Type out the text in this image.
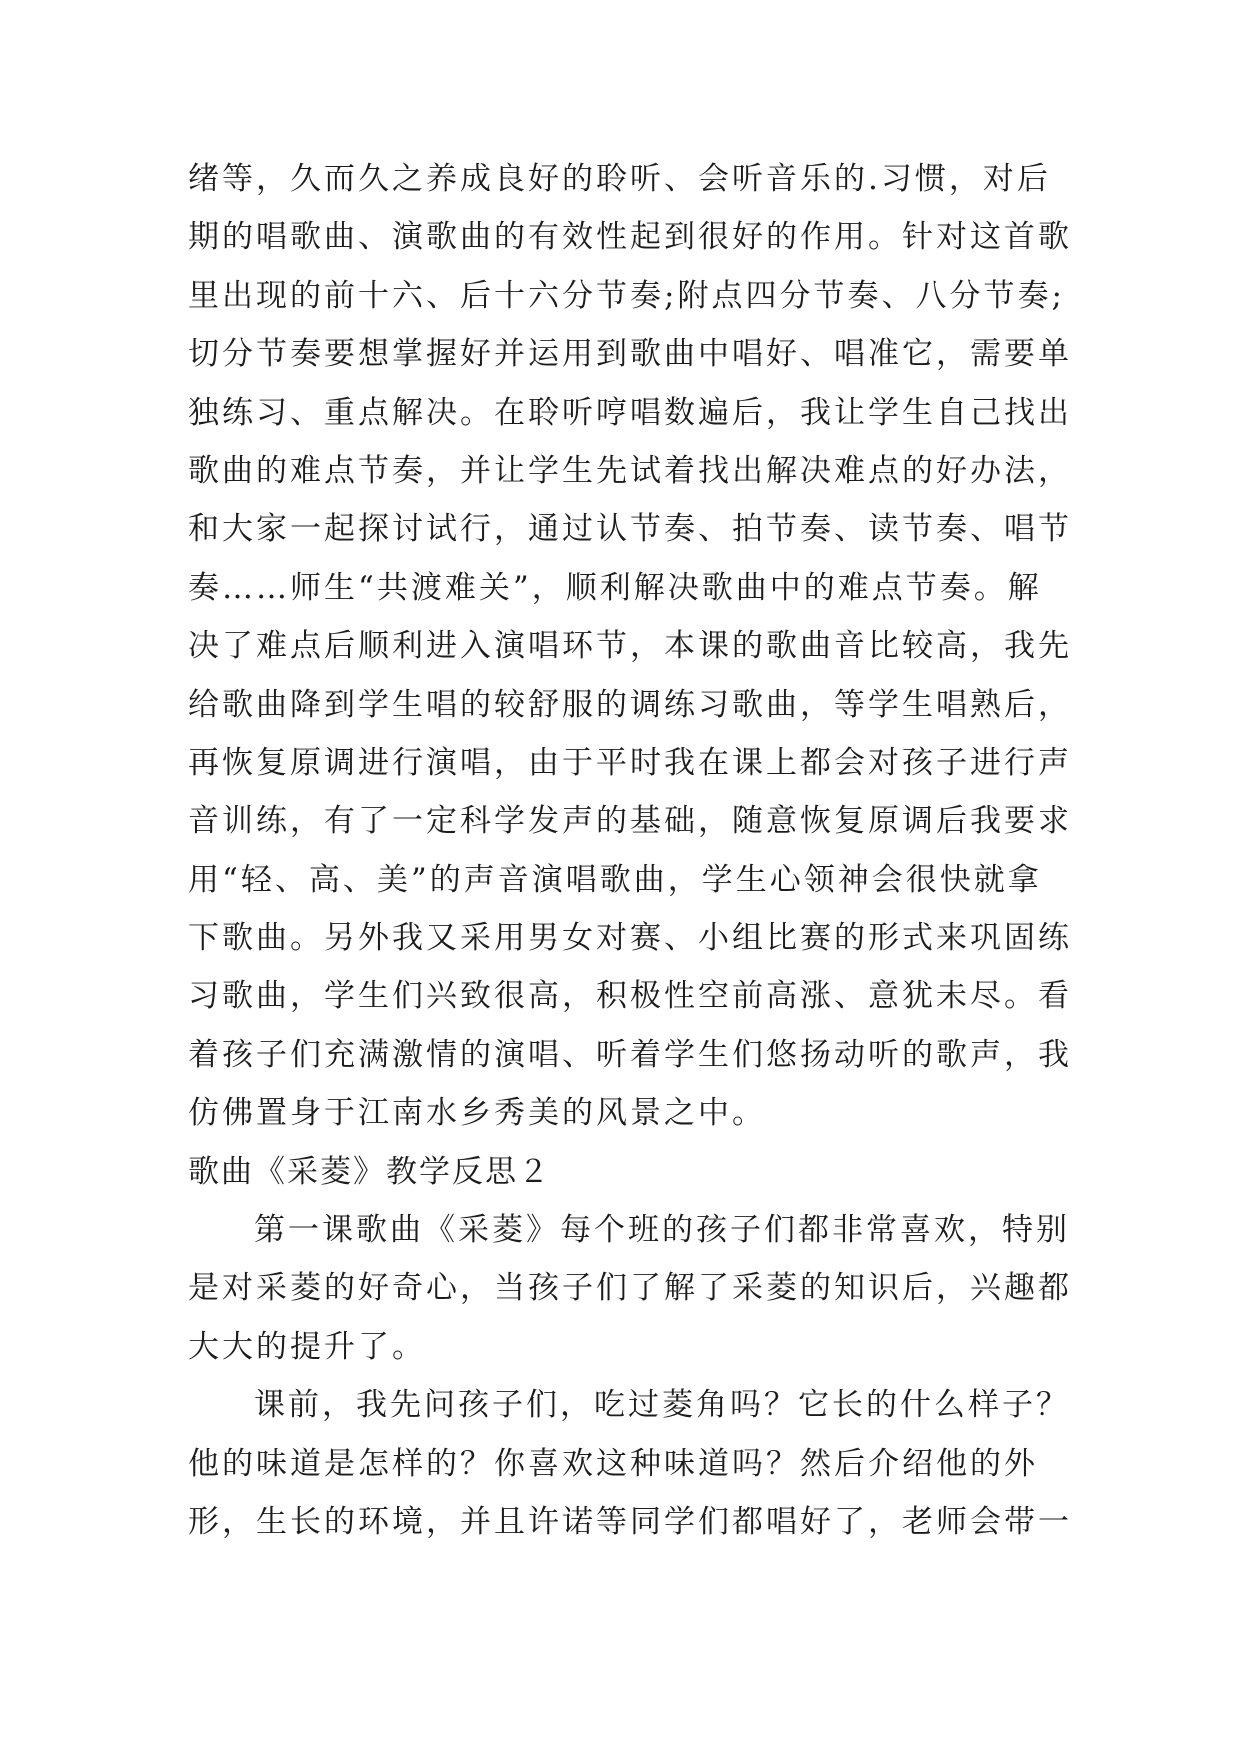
绪等，久而久之养成良好的聆听、会听音乐的.习惯，对后
期的唱歌曲、演歌曲的有效性起到很好的作用。针对这首歌
里出现的前十六、后十六分节奏;附点四分节奏、八分节奏;
切分节奏要想掌握好并运用到歌曲中唱好、唱准它，需要单
独练习、重点解决。在聆听哼唱数遍后，我让学生自己找出
歌曲的难点节奏，并让学生先试着找出解决难点的好办法，
和大家一起探讨试行，通过认节奏、拍节奏、读节奏、唱节
奏……师生“共渡难关”，顺利解决歌曲中的难点节奏。解
决了难点后顺利进入演唱环节，本课的歌曲音比较高，我先
给歌曲降到学生唱的较舒服的调练习歌曲，等学生唱熟后，
再恢复原调进行演唱，由于平时我在课上都会对孩子进行声
音训练，有了一定科学发声的基础，随意恢复原调后我要求
用“轻、高、美”的声音演唱歌曲，学生心领神会很快就拿
下歌曲。另外我又采用男女对赛、小组比赛的形式来巩固练
习歌曲，学生们兴致很高，积极性空前高涨、意犹未尽。看
着孩子们充满激情的演唱、听着学生们悠扬动听的歌声，我
仿佛置身于江南水乡秀美的风景之中。
歌曲《采菱》教学反思２
第一课歌曲《采菱》每个班的孩子们都非常喜欢，特别
是对采菱的好奇心，当孩子们了解了采菱的知识后，兴趣都
大大的提升了。
课前，我先问孩子们，吃过菱角吗？它长的什么样子？
他的味道是怎样的？你喜欢这种味道吗？然后介绍他的外
形，生长的环境，并且许诺等同学们都唱好了，老师会带一
